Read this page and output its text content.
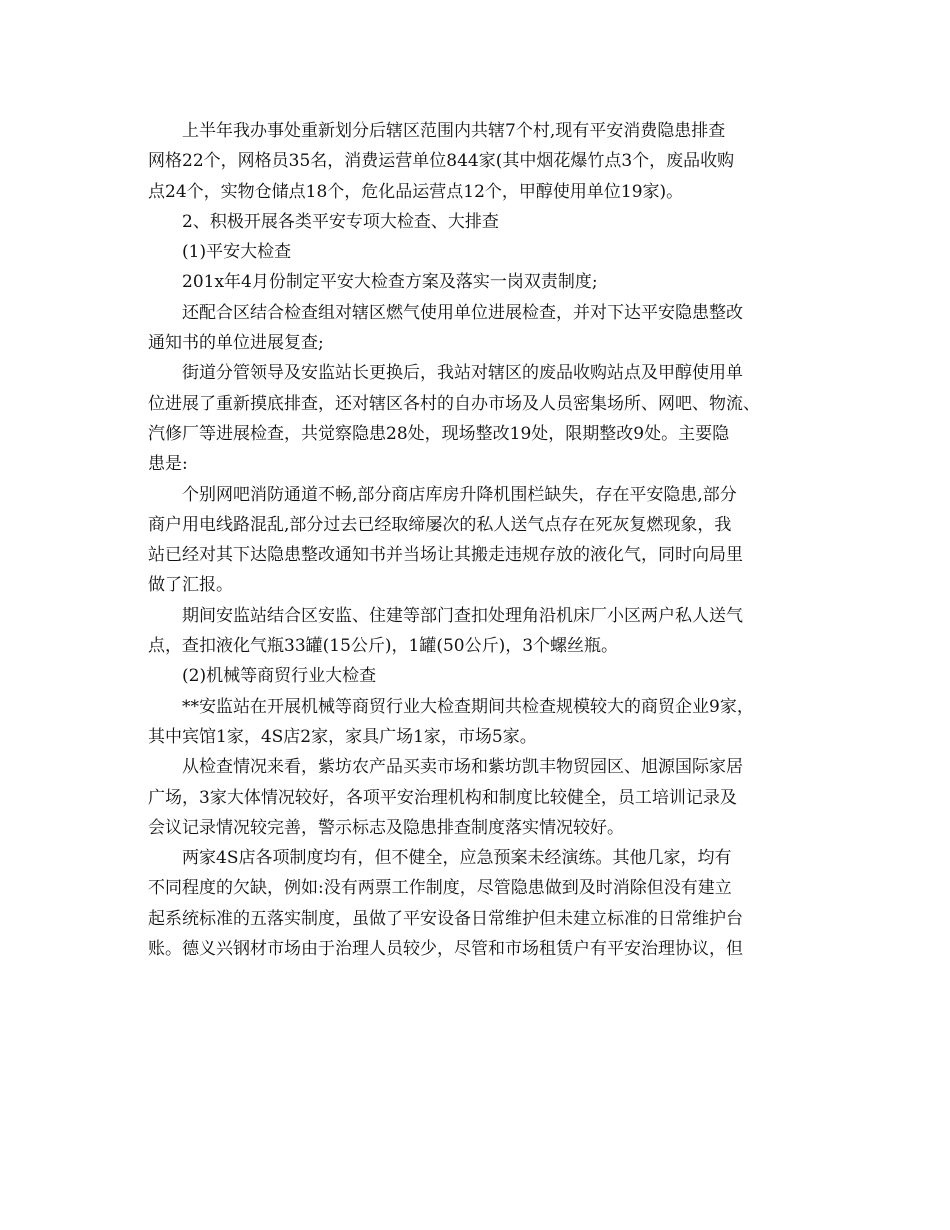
上半年我办事处重新划分后辖区范围内共辖7个村,现有平安消费隐患排查
网格22个，网格员35名，消费运营单位844家(其中烟花爆竹点3个，废品收购
点24个，实物仓储点18个，危化品运营点12个，甲醇使用单位19家)。

2、积极开展各类平安专项大检查、大排查

(1)平安大检查

201x年4月份制定平安大检查方案及落实一岗双责制度;

还配合区结合检查组对辖区燃气使用单位进展检查，并对下达平安隐患整改
通知书的单位进展复查;

街道分管领导及安监站长更换后，我站对辖区的废品收购站点及甲醇使用单
位进展了重新摸底排查，还对辖区各村的自办市场及人员密集场所、网吧、物流、
汽修厂等进展检查，共觉察隐患28处，现场整改19处，限期整改9处。主要隐
患是:

个别网吧消防通道不畅,部分商店库房升降机围栏缺失，存在平安隐患,部分
商户用电线路混乱,部分过去已经取缔屡次的私人送气点存在死灰复燃现象，我
站已经对其下达隐患整改通知书并当场让其搬走违规存放的液化气，同时向局里
做了汇报。

期间安监站结合区安监、住建等部门查扣处理角沿机床厂小区两户私人送气
点，查扣液化气瓶33罐(15公斤)，1罐(50公斤)，3个螺丝瓶。

(2)机械等商贸行业大检查

**安监站在开展机械等商贸行业大检查期间共检查规模较大的商贸企业9家，
其中宾馆1家，4S店2家，家具广场1家，市场5家。

从检查情况来看，紫坊农产品买卖市场和紫坊凯丰物贸园区、旭源国际家居
广场，3家大体情况较好，各项平安治理机构和制度比较健全，员工培训记录及
会议记录情况较完善，警示标志及隐患排查制度落实情况较好。

两家4S店各项制度均有，但不健全，应急预案未经演练。其他几家，均有
不同程度的欠缺，例如:没有两票工作制度，尽管隐患做到及时消除但没有建立
起系统标准的五落实制度，虽做了平安设备日常维护但未建立标准的日常维护台
账。德义兴钢材市场由于治理人员较少，尽管和市场租赁户有平安治理协议，但
